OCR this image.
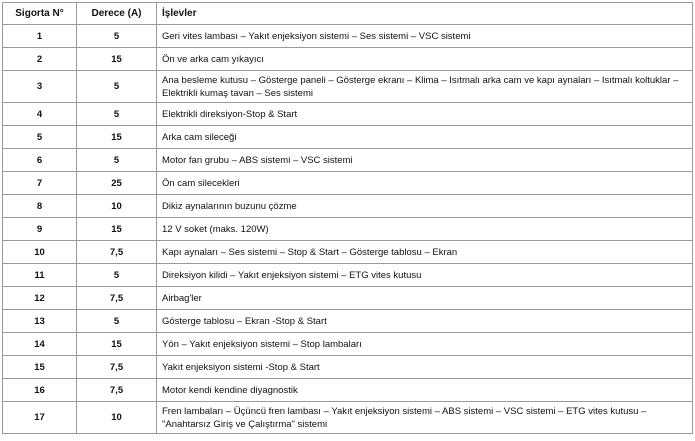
Sigorta N°	Derece (A)	İşlevler
1	5	Geri vites lambası – Yakıt enjeksiyon sistemi – Ses sistemi – VSC sistemi
2	15	Ön ve arka cam yıkayıcı
3	5	Ana besleme kutusu – Gösterge paneli – Gösterge ekranı – Klima – Isıtmalı arka cam ve kapı aynaları – Isıtmalı koltuklar – Elektrikli kumaş tavan – Ses sistemi
4	5	Elektrikli direksiyon-Stop & Start
5	15	Arka cam sileceği
6	5	Motor fan grubu – ABS sistemi – VSC sistemi
7	25	Ön cam silecekleri
8	10	Dikiz aynalarının buzunu çözme
9	15	12 V soket (maks. 120W)
10	7,5	Kapı aynaları – Ses sistemi – Stop & Start – Gösterge tablosu – Ekran
11	5	Direksiyon kilidi – Yakıt enjeksiyon sistemi – ETG vites kutusu
12	7,5	Airbag'ler
13	5	Gösterge tablosu – Ekran -Stop & Start
14	15	Yön – Yakıt enjeksiyon sistemi – Stop lambaları
15	7,5	Yakıt enjeksiyon sistemi -Stop & Start
16	7,5	Motor kendi kendine diyagnostik
17	10	Fren lambaları – Üçüncü fren lambası – Yakıt enjeksiyon sistemi – ABS sistemi – VSC sistemi – ETG vites kutusu – "Anahtarsız Giriş ve Çalıştırma" sistemi
